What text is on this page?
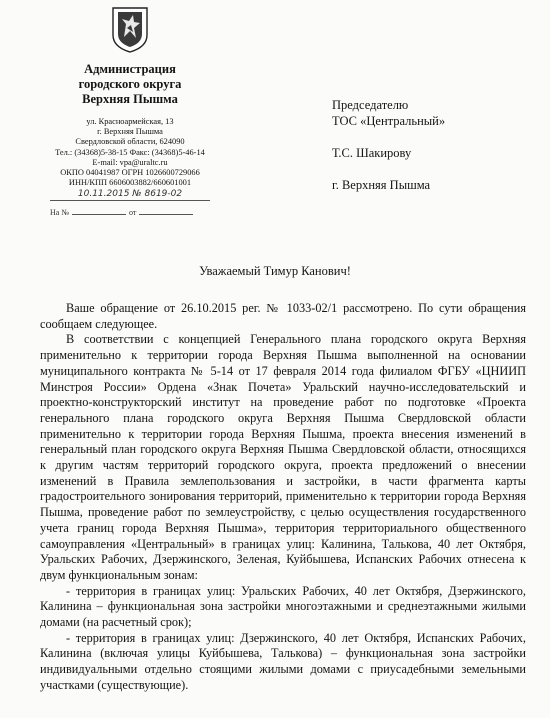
Администрация
городского округа
Верхняя Пышма
ул. Красноармейская, 13
г. Верхняя Пышма
Свердловской области, 624090
Тел.: (34368)5-38-15 Факс: (34368)5-46-14
E-mail: vpa@uraltc.ru
ОКПО 04041987 ОГРН 1026600729066
ИНН/КПП 6606003882/660601001
10.11.2015 № 8619-02
На №	от

Председателю

ТОС «Центральный»

Т.С. Шакирову

г. Верхняя Пышма

Уважаемый Тимур Канович!

Ваше обращение от 26.10.2015 рег. № 1033-02/1 рассмотрено. По сути обращения сообщаем следующее.

В соответствии с концепцией Генерального плана городского округа Верхняя применительно к территории города Верхняя Пышма выполненной на основании муниципального контракта № 5-14 от 17 февраля 2014 года филиалом ФГБУ «ЦНИИП Минстроя России» Ордена «Знак Почета» Уральский научно-исследовательский и проектно-конструкторский институт на проведение работ по подготовке «Проекта генерального плана городского округа Верхняя Пышма Свердловской области применительно к территории города Верхняя Пышма, проекта внесения изменений в генеральный план городского округа Верхняя Пышма Свердловской области, относящихся к другим частям территорий городского округа, проекта предложений о внесении изменений в Правила землепользования и застройки, в части фрагмента карты градостроительного зонирования территорий, применительно к территории города Верхняя Пышма, проведение работ по землеустройству, с целью осуществления государственного учета границ города Верхняя Пышма», территория территориального общественного самоуправления «Центральный» в границах улиц: Калинина, Талькова, 40 лет Октября, Уральских Рабочих, Дзержинского, Зеленая, Куйбышева, Испанских Рабочих отнесена к двум функциональным зонам:

- территория в границах улиц: Уральских Рабочих, 40 лет Октября, Дзержинского, Калинина – функциональная зона застройки многоэтажными и среднеэтажными жилыми домами (на расчетный срок);

- территория в границах улиц: Дзержинского, 40 лет Октября, Испанских Рабочих, Калинина (включая улицы Куйбышева, Талькова) – функциональная зона застройки индивидуальными отдельно стоящими жилыми домами с приусадебными земельными участками (существующие).
